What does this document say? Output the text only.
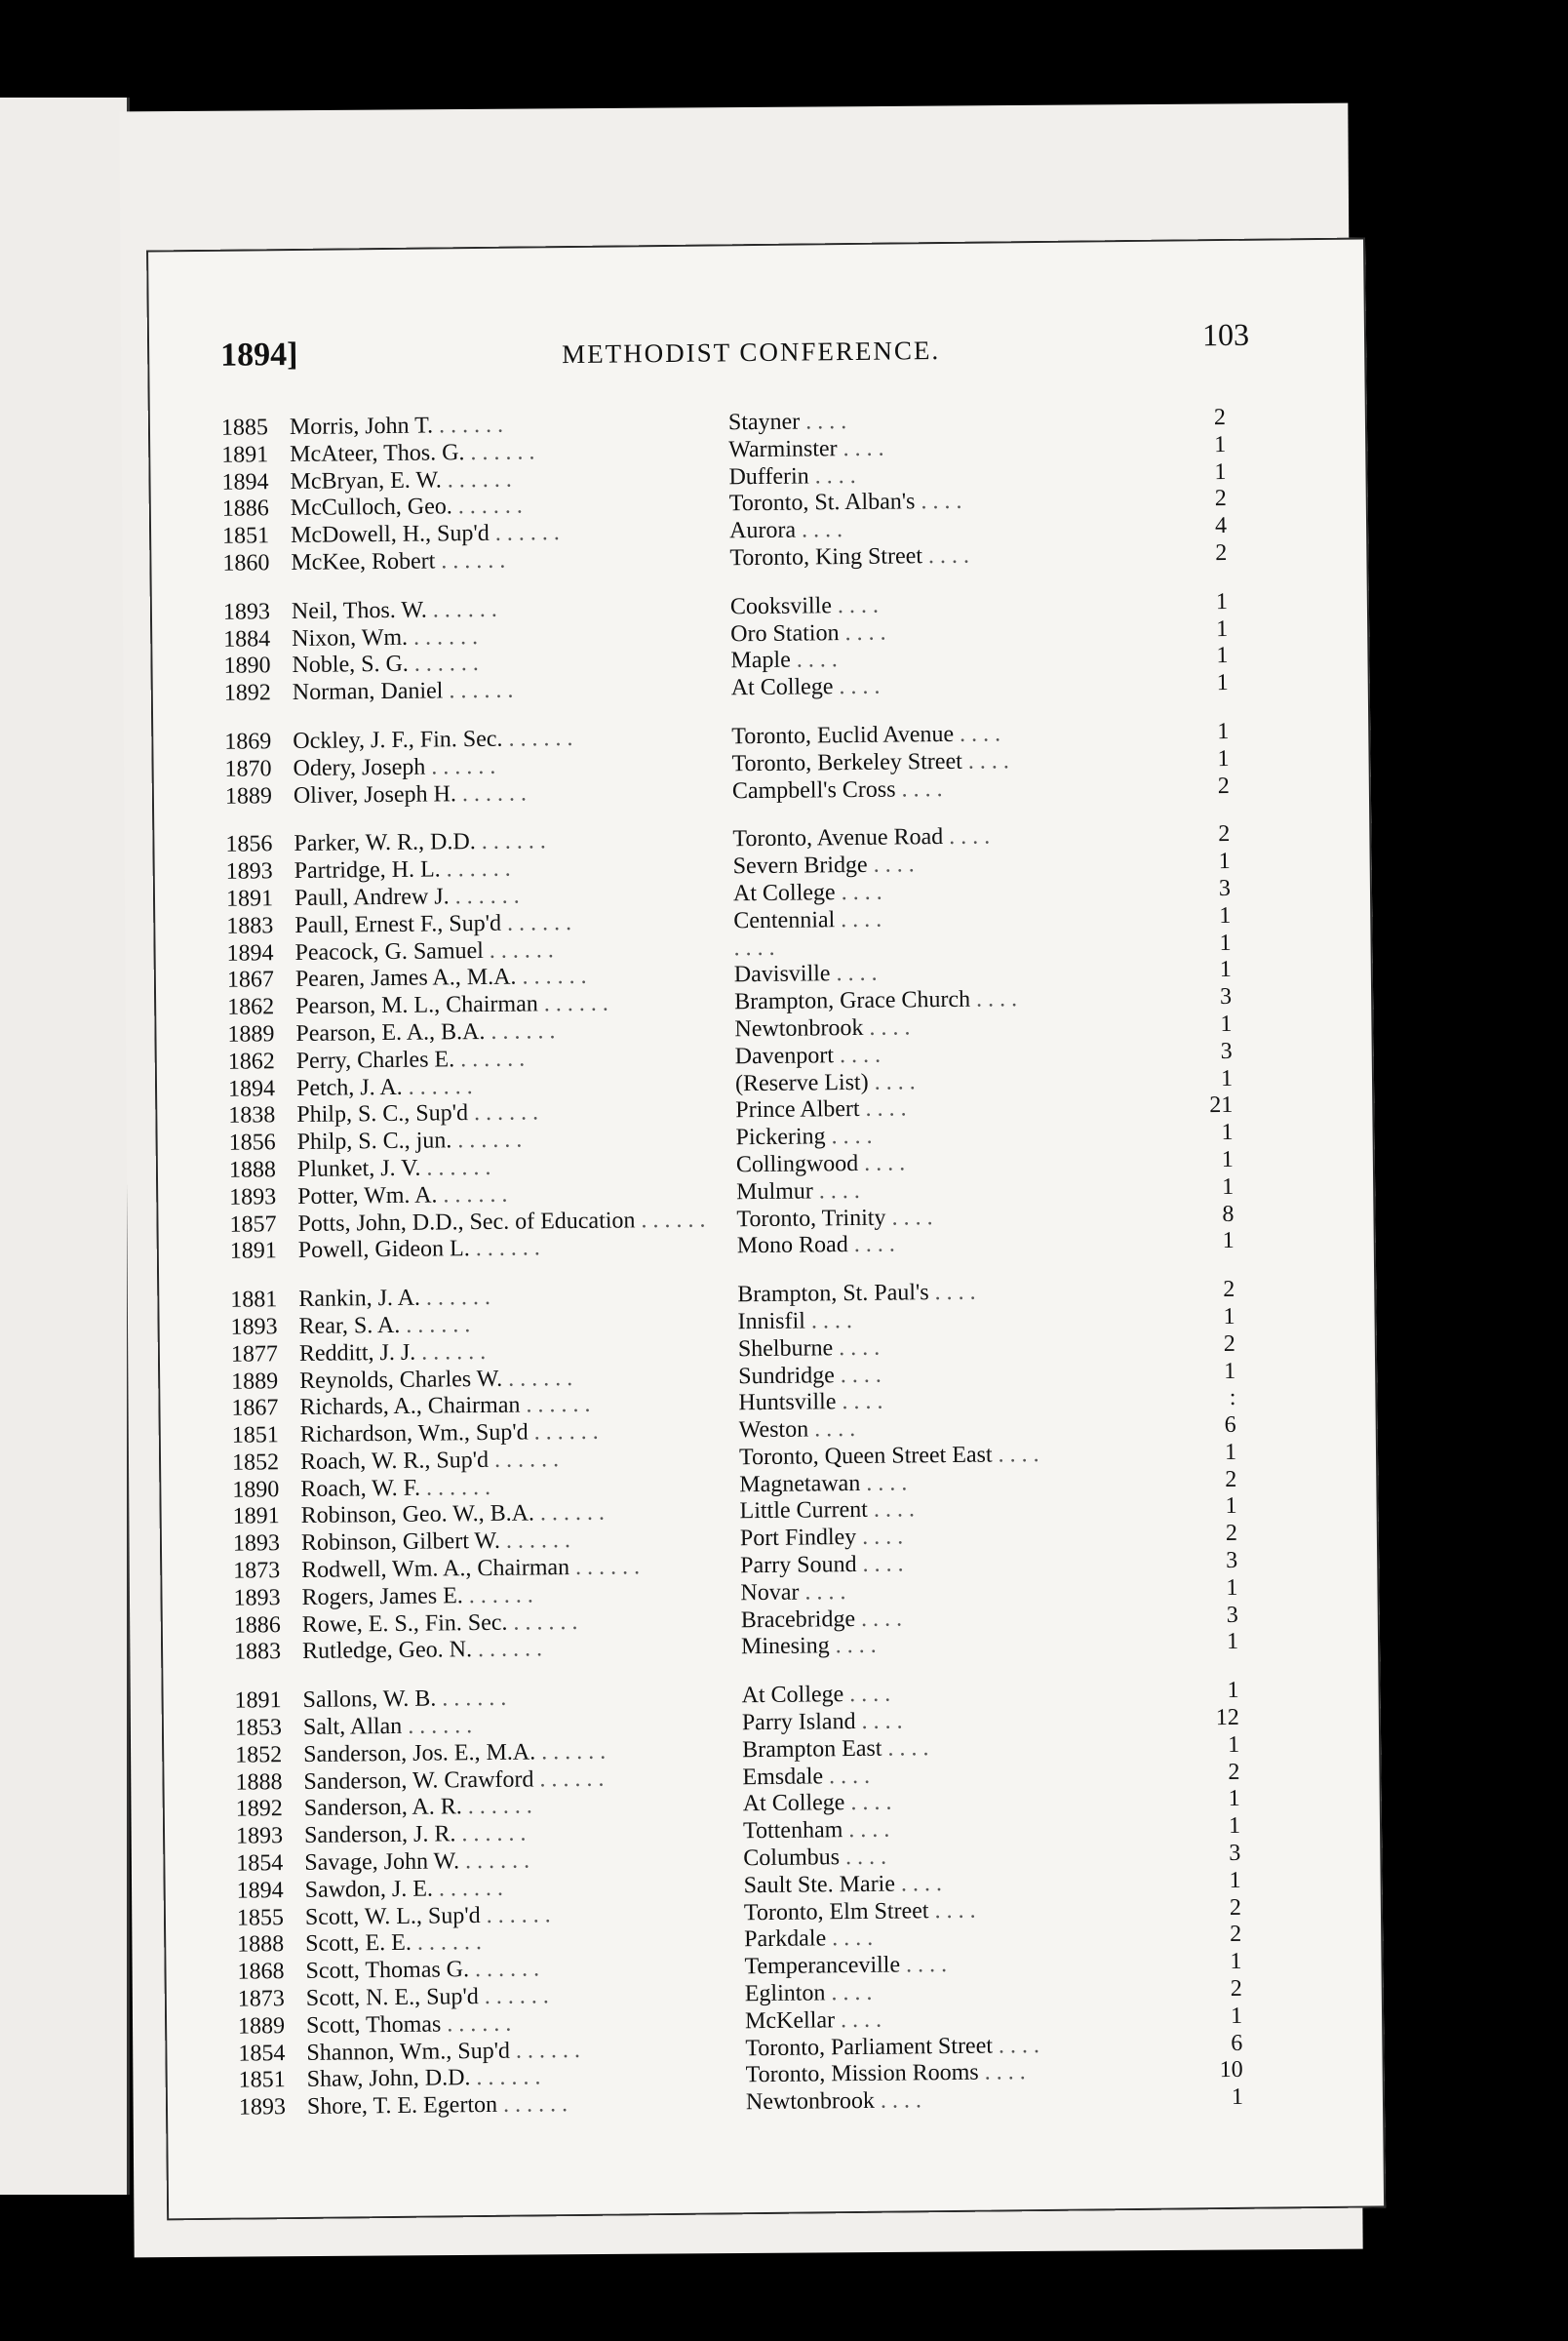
1894]	METHODIST CONFERENCE.	103
1885 Morris, John T. . .	Stayner . .	2
1891 McAteer, Thos. G. . .	Warminster . .	1
1894 McBryan, E. W. . .	Dufferin . .	1
1886 McCulloch, Geo. . .	Toronto, St. Alban's . .	2
1851 McDowell, H., Sup'd . .	Aurora . .	4
1860 McKee, Robert . .	Toronto, King Street . .	2
1893 Neil, Thos. W. . .	Cooksville . .	1
1884 Nixon, Wm. . .	Oro Station . .	1
1890 Noble, S. G. . .	Maple . .	1
1892 Norman, Daniel . .	At College . .	1
1869 Ockley, J. F., Fin. Sec. . .	Toronto, Euclid Avenue . .	1
1870 Odery, Joseph . .	Toronto, Berkeley Street . .	1
1889 Oliver, Joseph H. . .	Campbell's Cross . .	2
1856 Parker, W. R., D.D. . .	Toronto, Avenue Road . .	2
1893 Partridge, H. L. . .	Severn Bridge . .	1
1891 Paull, Andrew J. . .	At College . .	3
1883 Paull, Ernest F., Sup'd . .	Centennial . .	1
1894 Peacock, G. Samuel . .
. .	1
1867 Pearen, James A., M.A. . .	Davisville . .	1
1862 Pearson, M. L., Chairman . .	Brampton, Grace Church . .	3
1889 Pearson, E. A., B.A. . .	Newtonbrook . .	1
1862 Perry, Charles E. . .	Davenport . .	3
1894 Petch, J. A. . .	(Reserve List) . .	1
1838 Philp, S. C., Sup'd . .	Prince Albert . .	21
1856 Philp, S. C., jun. . .	Pickering . .	1
1888 Plunket, J. V. . .	Collingwood . .	1
1893 Potter, Wm. A. . .	Mulmur . .	1
1857 Potts, John, D.D., Sec. of Education . .	Toronto, Trinity . .	8
1891 Powell, Gideon L. . .	Mono Road . .	1
1881 Rankin, J. A. . .	Brampton, St. Paul's . .	2
1893 Rear, S. A. . .	Innisfil . .	1
1877 Redditt, J. J. . .	Shelburne . .	2
1889 Reynolds, Charles W. . .	Sundridge . .	1
1867 Richards, A., Chairman . .	Huntsville . .	:
1851 Richardson, Wm., Sup'd . .	Weston . .	6
1852 Roach, W. R., Sup'd . .	Toronto, Queen Street East . .	1
1890 Roach, W. F. . .	Magnetawan . .	2
1891 Robinson, Geo. W., B.A. . .	Little Current . .	1
1893 Robinson, Gilbert W. . .	Port Findley . .	2
1873 Rodwell, Wm. A., Chairman . .	Parry Sound . .	3
1893 Rogers, James E. . .	Novar . .	1
1886 Rowe, E. S., Fin. Sec. . .	Bracebridge . .	3
1883 Rutledge, Geo. N. . .	Minesing . .	1
1891 Sallons, W. B. . .	At College . .	1
1853 Salt, Allan . .	Parry Island . .	12
1852 Sanderson, Jos. E., M.A. . .	Brampton East . .	1
1888 Sanderson, W. Crawford . .	Emsdale . .	2
1892 Sanderson, A. R. . .	At College . .	1
1893 Sanderson, J. R. . .	Tottenham . .	1
1854 Savage, John W. . .	Columbus . .	3
1894 Sawdon, J. E. . .	Sault Ste. Marie . .	1
1855 Scott, W. L., Sup'd . .	Toronto, Elm Street . .	2
1888 Scott, E. E. . .	Parkdale . .	2
1868 Scott, Thomas G. . .	Temperanceville . .	1
1873 Scott, N. E., Sup'd . .	Eglinton . .	2
1889 Scott, Thomas . .	McKellar . .	1
1854 Shannon, Wm., Sup'd . .	Toronto, Parliament Street . .	6
1851 Shaw, John, D.D. . .	Toronto, Mission Rooms . .	10
1893 Shore, T. E. Egerton . .	Newtonbrook . .	1
